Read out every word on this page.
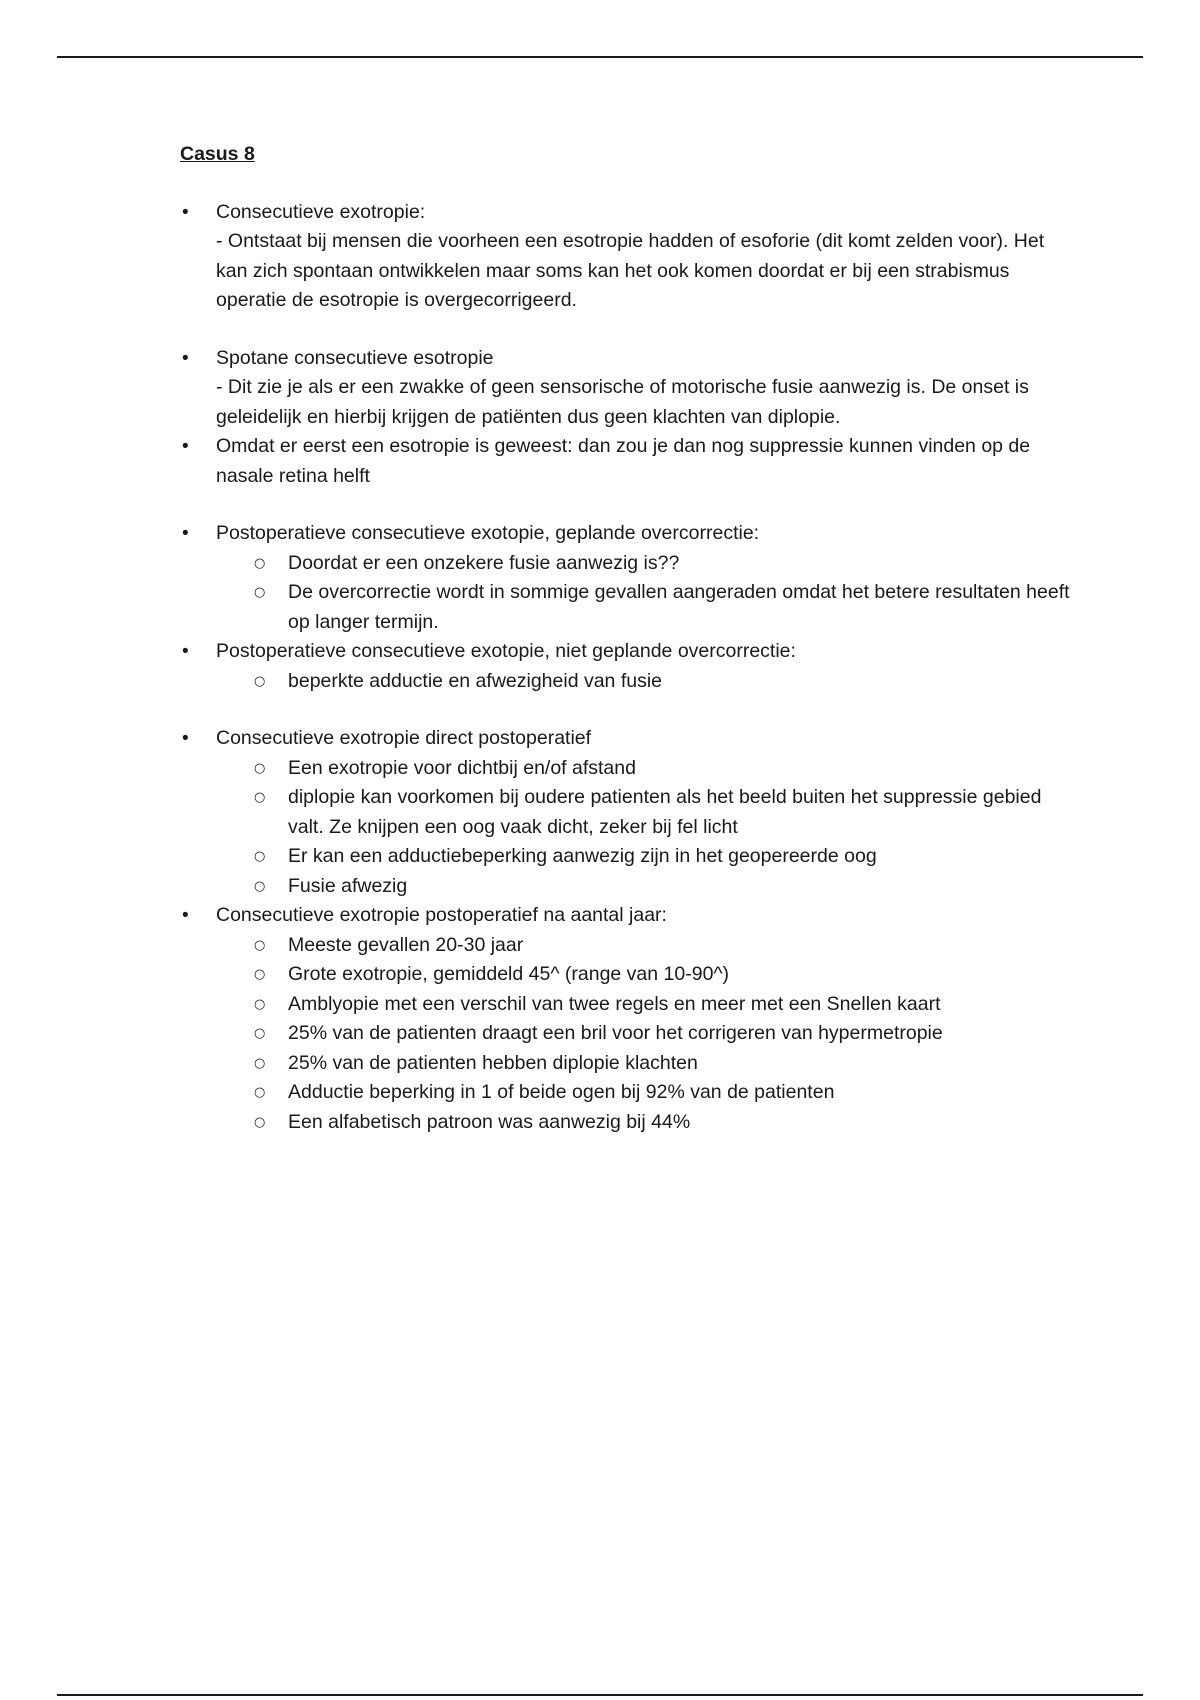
Casus 8
• Consecutieve exotropie:
- Ontstaat bij mensen die voorheen een esotropie hadden of esoforie (dit komt zelden voor). Het kan zich spontaan ontwikkelen maar soms kan het ook komen doordat er bij een strabismus operatie de esotropie is overgecorrigeerd.
• Spotane consecutieve esotropie
- Dit zie je als er een zwakke of geen sensorische of motorische fusie aanwezig is. De onset is geleidelijk en hierbij krijgen de patiënten dus geen klachten van diplopie.
• Omdat er eerst een esotropie is geweest: dan zou je dan nog suppressie kunnen vinden op de nasale retina helft
• Postoperatieve consecutieve exotopie, geplande overcorrectie:
○ Doordat er een onzekere fusie aanwezig is??
○ De overcorrectie wordt in sommige gevallen aangeraden omdat het betere resultaten heeft op langer termijn.
• Postoperatieve consecutieve exotopie, niet geplande overcorrectie:
○ beperkte adductie en afwezigheid van fusie
• Consecutieve exotropie direct postoperatief
○ Een exotropie voor dichtbij en/of afstand
○ diplopie kan voorkomen bij oudere patienten als het beeld buiten het suppressie gebied valt. Ze knijpen een oog vaak dicht, zeker bij fel licht
○ Er kan een adductiebeperking aanwezig zijn in het geopereerde oog
○ Fusie afwezig
• Consecutieve exotropie postoperatief na aantal jaar:
○ Meeste gevallen 20-30 jaar
○ Grote exotropie, gemiddeld 45^ (range van 10-90^)
○ Amblyopie met een verschil van twee regels en meer met een Snellen kaart
○ 25% van de patienten draagt een bril voor het corrigeren van hypermetropie
○ 25% van de patienten hebben diplopie klachten
○ Adductie beperking in 1 of beide ogen bij 92% van de patienten
○ Een alfabetisch patroon was aanwezig bij 44%
